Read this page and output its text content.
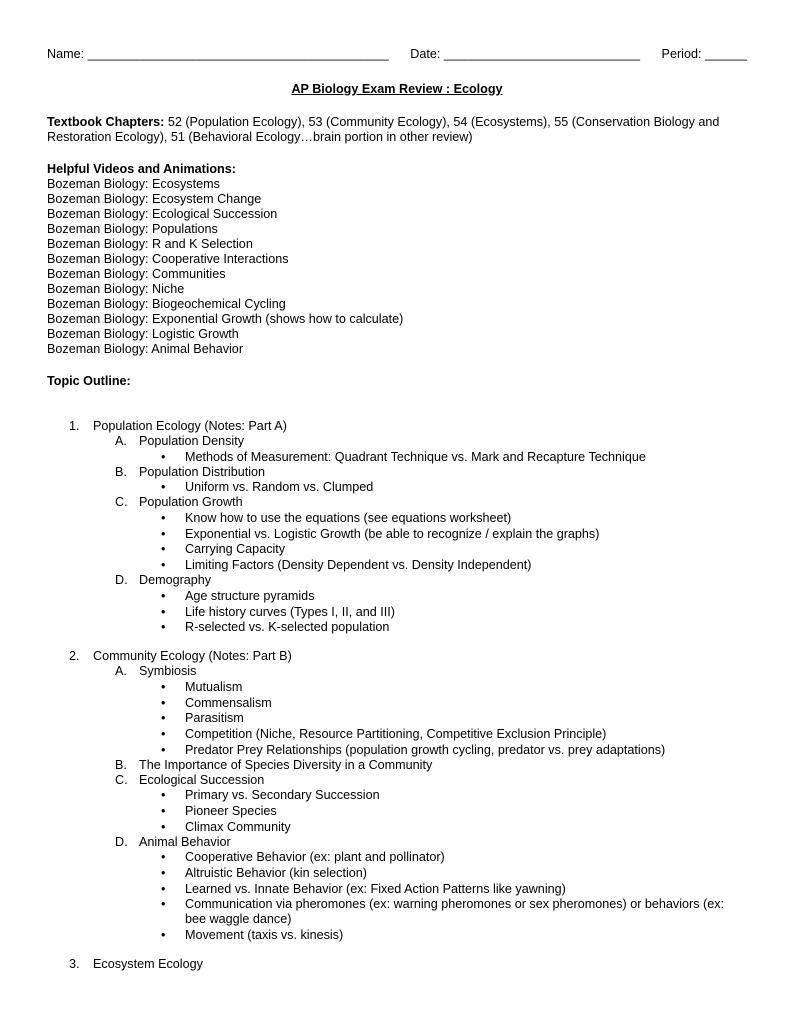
Name: ___________________________________________ Date: ____________________________ Period: ______
AP Biology Exam Review : Ecology
Textbook Chapters: 52 (Population Ecology), 53 (Community Ecology), 54 (Ecosystems), 55 (Conservation Biology and Restoration Ecology), 51 (Behavioral Ecology…brain portion in other review)
Helpful Videos and Animations:
Bozeman Biology: Ecosystems
Bozeman Biology: Ecosystem Change
Bozeman Biology: Ecological Succession
Bozeman Biology: Populations
Bozeman Biology: R and K Selection
Bozeman Biology: Cooperative Interactions
Bozeman Biology: Communities
Bozeman Biology: Niche
Bozeman Biology: Biogeochemical Cycling
Bozeman Biology: Exponential Growth (shows how to calculate)
Bozeman Biology: Logistic Growth
Bozeman Biology: Animal Behavior
Topic Outline:
1. Population Ecology (Notes: Part A)
A. Population Density
• Methods of Measurement: Quadrant Technique vs. Mark and Recapture Technique
B. Population Distribution
• Uniform vs. Random vs. Clumped
C. Population Growth
• Know how to use the equations (see equations worksheet)
• Exponential vs. Logistic Growth (be able to recognize / explain the graphs)
• Carrying Capacity
• Limiting Factors (Density Dependent vs. Density Independent)
D. Demography
• Age structure pyramids
• Life history curves (Types I, II, and III)
• R-selected vs. K-selected population
2. Community Ecology (Notes: Part B)
A. Symbiosis
• Mutualism
• Commensalism
• Parasitism
• Competition (Niche, Resource Partitioning, Competitive Exclusion Principle)
• Predator Prey Relationships (population growth cycling, predator vs. prey adaptations)
B. The Importance of Species Diversity in a Community
C. Ecological Succession
• Primary vs. Secondary Succession
• Pioneer Species
• Climax Community
D. Animal Behavior
• Cooperative Behavior (ex: plant and pollinator)
• Altruistic Behavior (kin selection)
• Learned vs. Innate Behavior (ex: Fixed Action Patterns like yawning)
• Communication via pheromones (ex: warning pheromones or sex pheromones) or behaviors (ex: bee waggle dance)
• Movement (taxis vs. kinesis)
3. Ecosystem Ecology
